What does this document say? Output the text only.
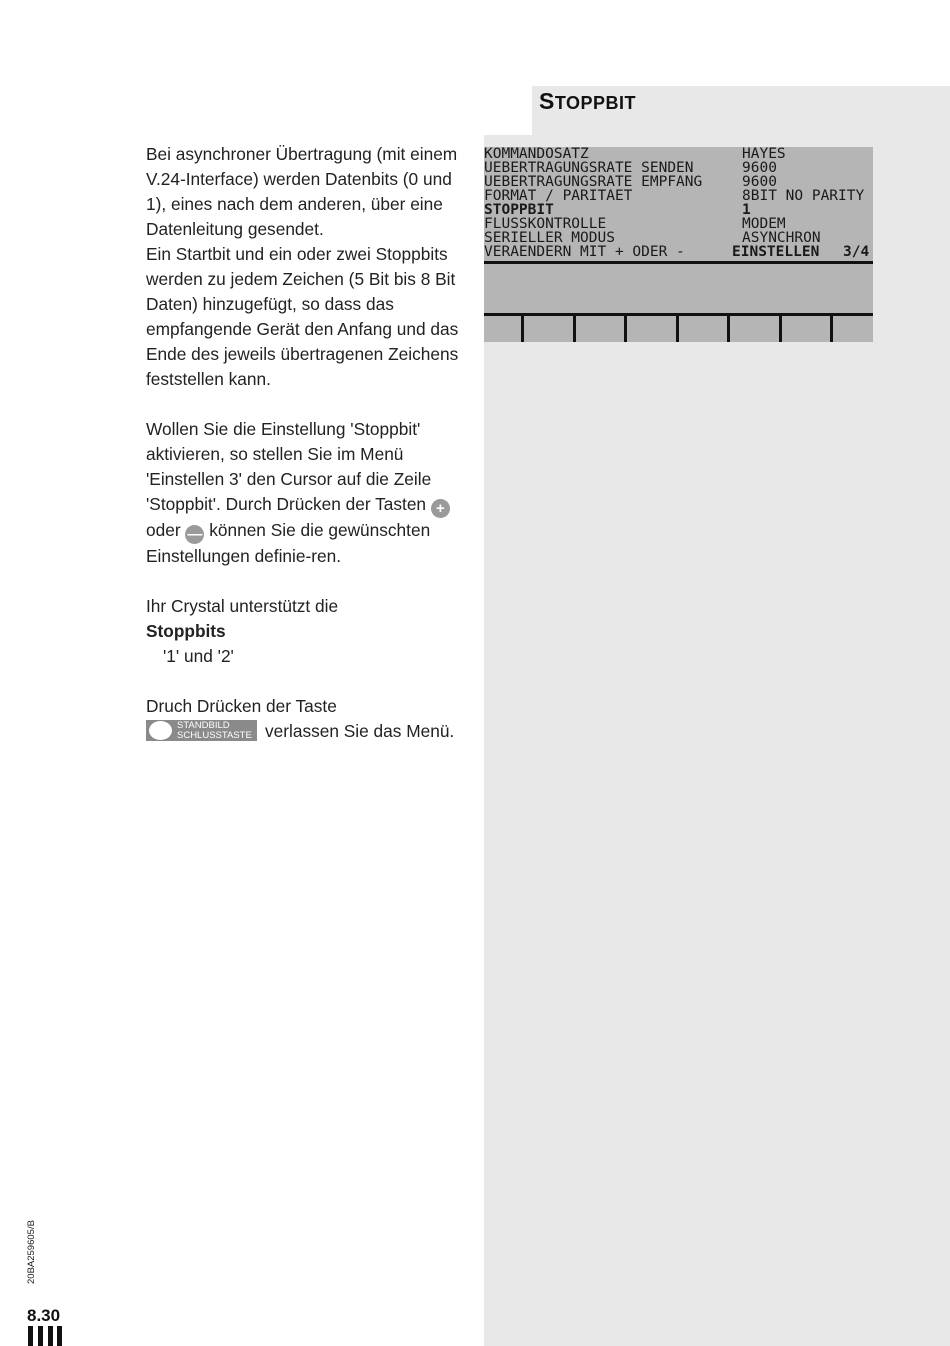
STOPPBIT
KOMMANDOSATZ	HAYES
UEBERTRAGUNGSRATE SENDEN	9600
UEBERTRAGUNGSRATE EMPFANG	9600
FORMAT / PARITAET	8BIT NO PARITY
STOPPBIT	1
FLUSSKONTROLLE	MODEM
SERIELLER MODUS	ASYNCHRON
VERAENDERN MIT + ODER -	EINSTELLEN 3/4

Bei asynchroner Übertragung (mit einem V.24-Interface) werden Datenbits (0 und 1), eines nach dem anderen, über eine Datenleitung gesendet.

Ein Startbit und ein oder zwei Stoppbits werden zu jedem Zeichen (5 Bit bis 8 Bit Daten) hinzugefügt, so dass das empfangende Gerät den Anfang und das Ende des jeweils übertragenen Zeichens feststellen kann.

Wollen Sie die Einstellung 'Stoppbit' aktivieren, so stellen Sie im Menü 'Einstellen 3' den Cursor auf die Zeile 'Stoppbit'. Durch Drücken der Tasten + oder — können Sie die gewünschten Einstellungen definie-ren.

Ihr Crystal unterstützt die

Stoppbits

'1' und '2'

Druch Drücken der Taste

STANDBILD
SCHLUSSTASTE verlassen Sie das Menü.

20BA259605/B
8.30
